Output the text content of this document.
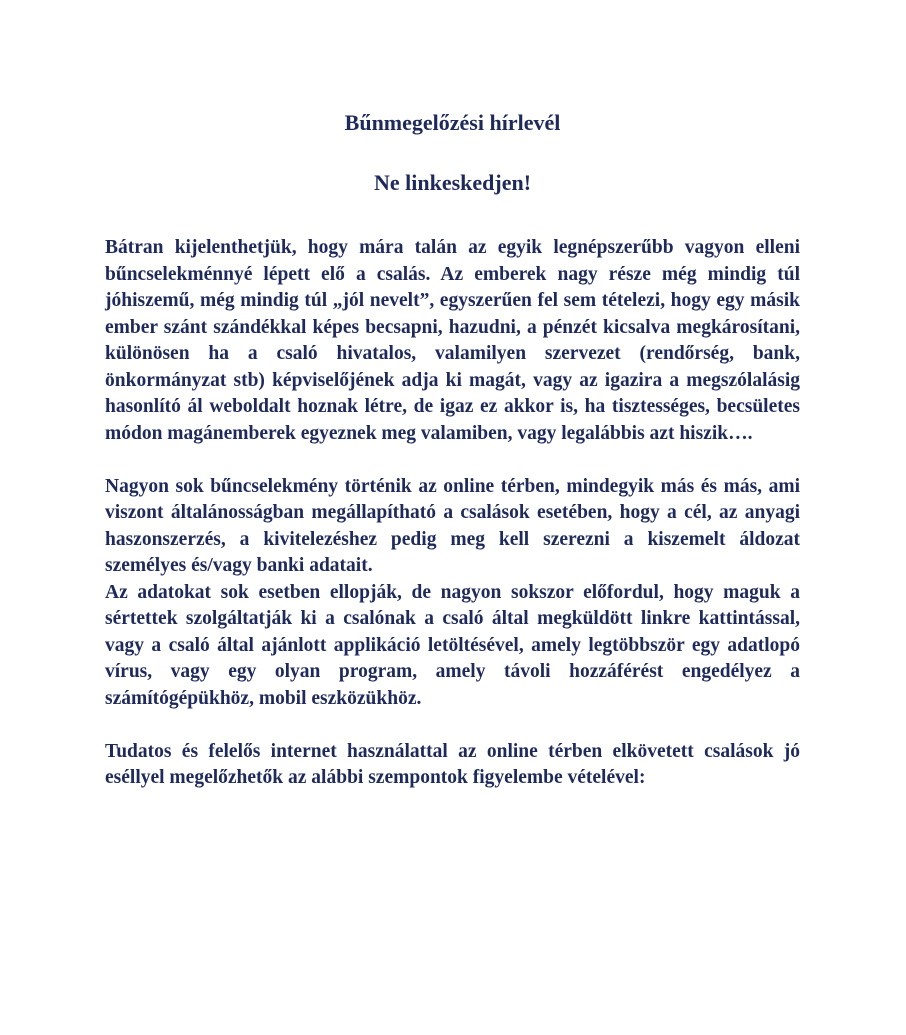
Bűnmegelőzési hírlevél
Ne linkeskedjen!

Bátran kijelenthetjük, hogy mára talán az egyik legnépszerűbb vagyon elleni bűncselekménnyé lépett elő a csalás. Az emberek nagy része még mindig túl jóhiszemű, még mindig túl „jól nevelt”, egyszerűen fel sem tételezi, hogy egy másik ember szánt szándékkal képes becsapni, hazudni, a pénzét kicsalva megkárosítani, különösen ha a csaló hivatalos, valamilyen szervezet (rendőrség, bank, önkormányzat stb) képviselőjének adja ki magát, vagy az igazira a megszólalásig hasonlító ál weboldalt hoznak létre, de igaz ez akkor is, ha tisztességes, becsületes módon magánemberek egyeznek meg valamiben, vagy legalábbis azt hiszik….

Nagyon sok bűncselekmény történik az online térben, mindegyik más és más, ami viszont általánosságban megállapítható a csalások esetében, hogy a cél, az anyagi haszonszerzés, a kivitelezéshez pedig meg kell szerezni a kiszemelt áldozat személyes és/vagy banki adatait.

Az adatokat sok esetben ellopják, de nagyon sokszor előfordul, hogy maguk a sértettek szolgáltatják ki a csalónak a csaló által megküldött linkre kattintással, vagy a csaló által ajánlott applikáció letöltésével, amely legtöbbször egy adatlopó vírus, vagy egy olyan program, amely távoli hozzáférést engedélyez a számítógépükhöz, mobil eszközükhöz.

Tudatos és felelős internet használattal az online térben elkövetett csalások jó eséllyel megelőzhetők az alábbi szempontok figyelembe vételével:
